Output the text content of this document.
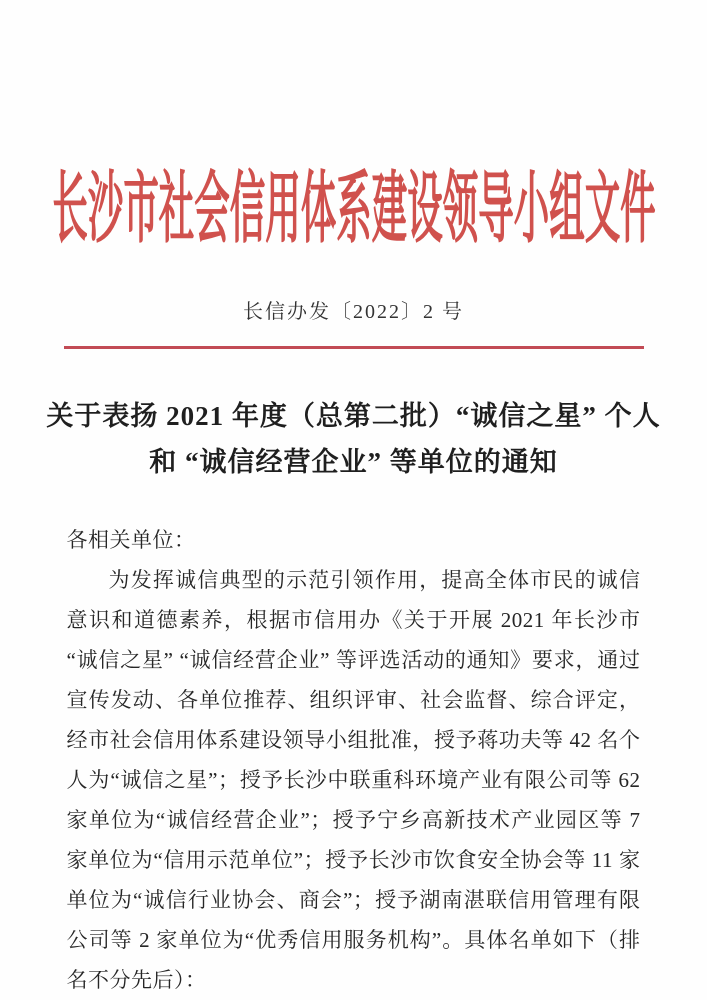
长沙市社会信用体系建设领导小组文件
长信办发〔2022〕2 号
关于表扬 2021 年度（总第二批）“诚信之星” 个人
和 “诚信经营企业” 等单位的通知

各相关单位：

为发挥诚信典型的示范引领作用，提高全体市民的诚信意识和道德素养，根据市信用办《关于开展 2021 年长沙市“诚信之星” “诚信经营企业” 等评选活动的通知》要求，通过宣传发动、各单位推荐、组织评审、社会监督、综合评定，经市社会信用体系建设领导小组批准，授予蒋功夫等 42 名个人为“诚信之星”；授予长沙中联重科环境产业有限公司等 62 家单位为“诚信经营企业”；授予宁乡高新技术产业园区等 7 家单位为“信用示范单位”；授予长沙市饮食安全协会等 11 家单位为“诚信行业协会、商会”；授予湖南湛联信用管理有限公司等 2 家单位为“优秀信用服务机构”。具体名单如下（排名不分先后）：
